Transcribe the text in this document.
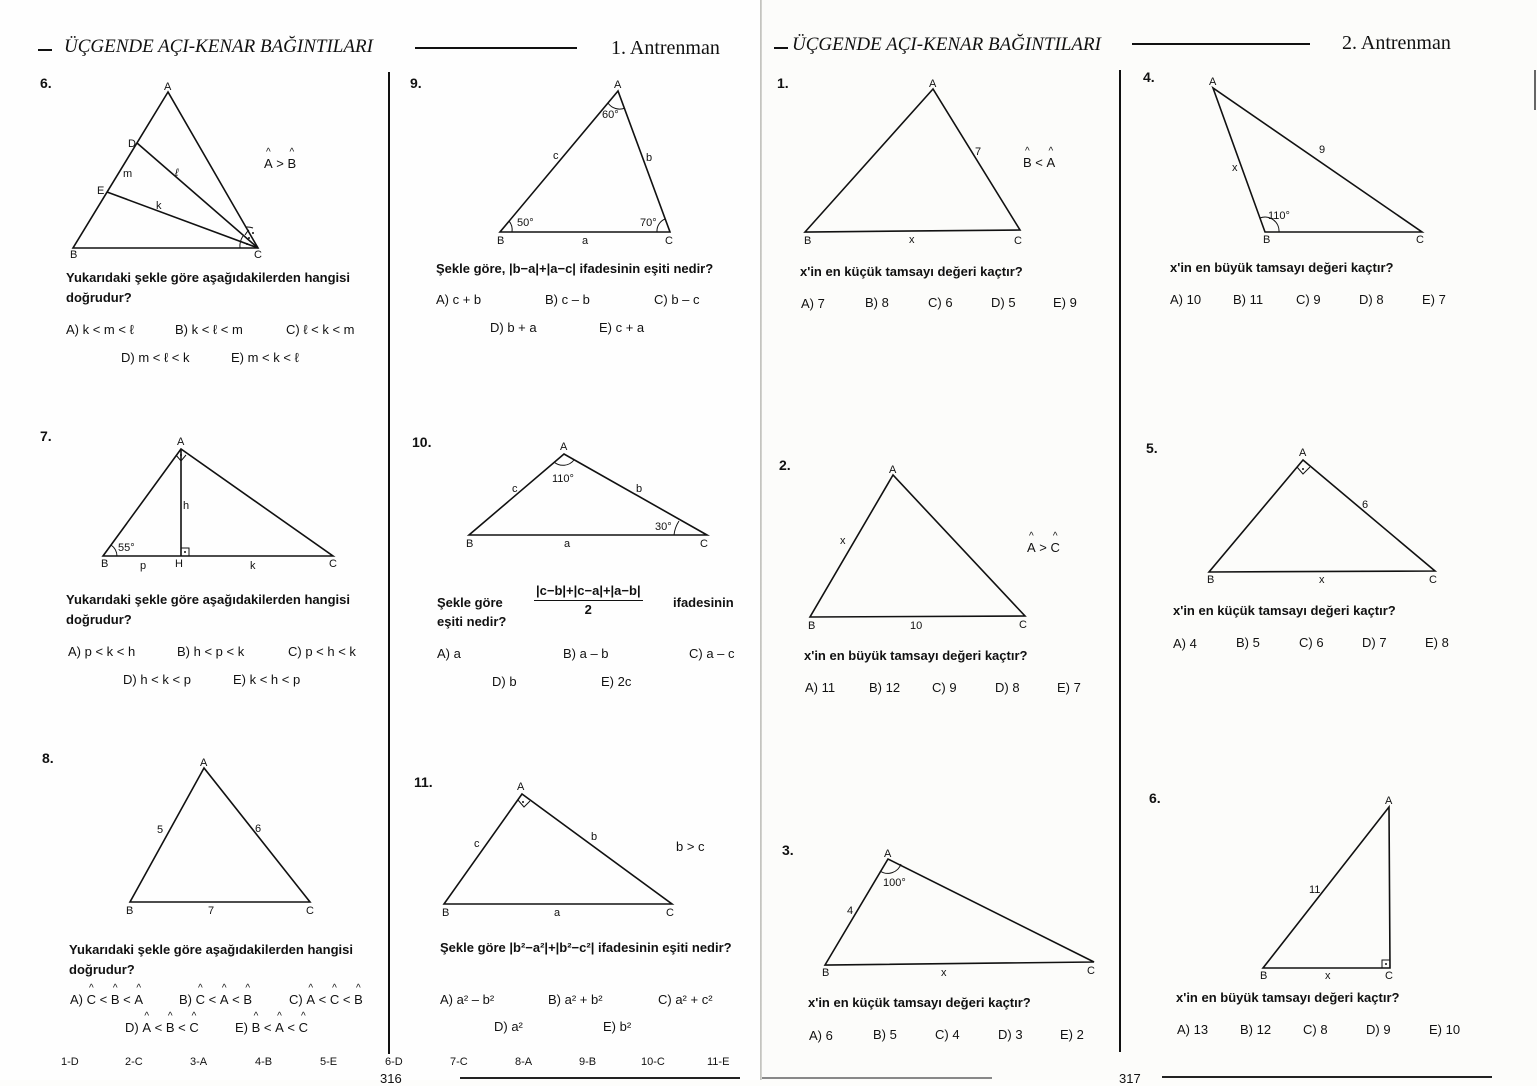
ÜÇGENDE AÇI-KENAR BAĞINTILARI	1. Antrenman
6.	A
B	C
D
E
m	ℓ
k
^ A > ^ B
Yukarıdaki şekle göre aşağıdakilerden hangisi doğrudur?
A) k < m < ℓ	B) k < ℓ < m	C) ℓ < k < m
D) m < ℓ < k	E) m < k < ℓ
7.	A
B	H	C
h
p	k
55°
Yukarıdaki şekle göre aşağıdakilerden hangisi doğrudur?
A) p < k < h	B) h < p < k	C) p < h < k
D) h < k < p	E) k < h < p
8.	A
B	C
5	6
7
Yukarıdaki şekle göre aşağıdakilerden hangisi doğrudur?
A) ^ C < ^ B < ^ A	B) ^ C < ^ A < ^ B	C) ^ A < ^ C < ^ B
D) ^ A < ^ B < ^ C	E) ^ B < ^ A < ^ C
9.	A
B	C
60°
50°	70°
c	b
a
Şekle göre, |b−a|+|a−c| ifadesinin eşiti nedir?
A) c + b	B) c – b	C) b – c
D) b + a	E) c + a
10.	A
B	C
110°
30°
c	b
a
Şekle göre $\frac{|c-b|+|c-a|+|a-b|}{2}$ ifadesinin
eşiti nedir?
A) a	B) a – b	C) a – c
D) b	E) 2c
11.	A
B	C
c
b
a
b > c
Şekle göre |b²−a²|+|b²−c²| ifadesinin eşiti nedir?
A) a² – b²	B) a² + b²	C) a² + c²
D) a²	E) b²
1-D	2-C	3-A	4-B	5-E	6-D	7-C	8-A	9-B	10-C	11-E
316
ÜÇGENDE AÇI-KENAR BAĞINTILARI	2. Antrenman
1.	A
B	C
7
x
^ B < ^ A
x'in en küçük tamsayı değeri kaçtır?
A) 7	B) 8	C) 6	D) 5	E) 9
2.	A
B	C
x
10
^ A > ^ C
x'in en büyük tamsayı değeri kaçtır?
A) 11	B) 12 C) 9	D) 8	E) 7
3.	A
B	C
100°
4
x
x'in en küçük tamsayı değeri kaçtır?
A) 6	B) 5	C) 4	D) 3	E) 2
4.	A
B	C
110°
x
9
x'in en büyük tamsayı değeri kaçtır?
A) 10 B) 11	C) 9	D) 8	E) 7
5.	A
B	C
6
x
x'in en küçük tamsayı değeri kaçtır?
A) 4	B) 5	C) 6	D) 7	E) 8
6.	A
B	C
11
x
x'in en büyük tamsayı değeri kaçtır?
A) 13 B) 12 C) 8	D) 9	E) 10
317
